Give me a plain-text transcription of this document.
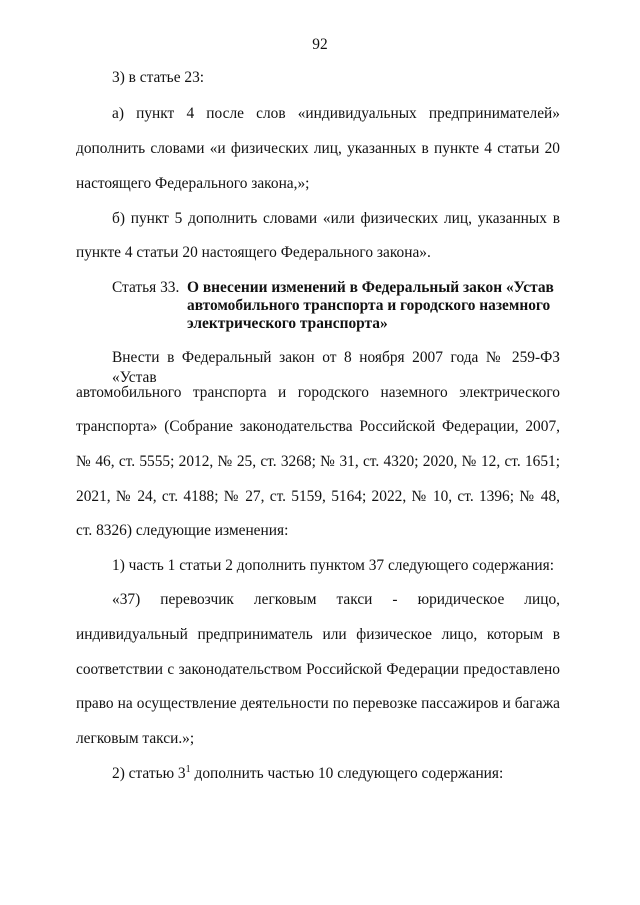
92
3) в статье 23:
а) пункт 4 после слов «индивидуальных предпринимателей»
дополнить словами «и физических лиц, указанных в пункте 4 статьи 20
настоящего Федерального закона,»;
б) пункт 5 дополнить словами «или физических лиц, указанных в
пункте 4 статьи 20 настоящего Федерального закона».
Статья 33. О внесении изменений в Федеральный закон «Устав
автомобильного транспорта и городского наземного
электрического транспорта»
Внести в Федеральный закон от 8 ноября 2007 года № 259-ФЗ «Устав
автомобильного транспорта и городского наземного электрического
транспорта» (Собрание законодательства Российской Федерации, 2007,
№ 46, ст. 5555; 2012, № 25, ст. 3268; № 31, ст. 4320; 2020, № 12, ст. 1651;
2021, № 24, ст. 4188; № 27, ст. 5159, 5164; 2022, № 10, ст. 1396; № 48,
ст. 8326) следующие изменения:
1) часть 1 статьи 2 дополнить пунктом 37 следующего содержания:
«37) перевозчик легковым такси - юридическое лицо,
индивидуальный предприниматель или физическое лицо, которым в
соответствии с законодательством Российской Федерации предоставлено
право на осуществление деятельности по перевозке пассажиров и багажа
легковым такси.»;
2) статью $3^1$ дополнить частью 10 следующего содержания:
